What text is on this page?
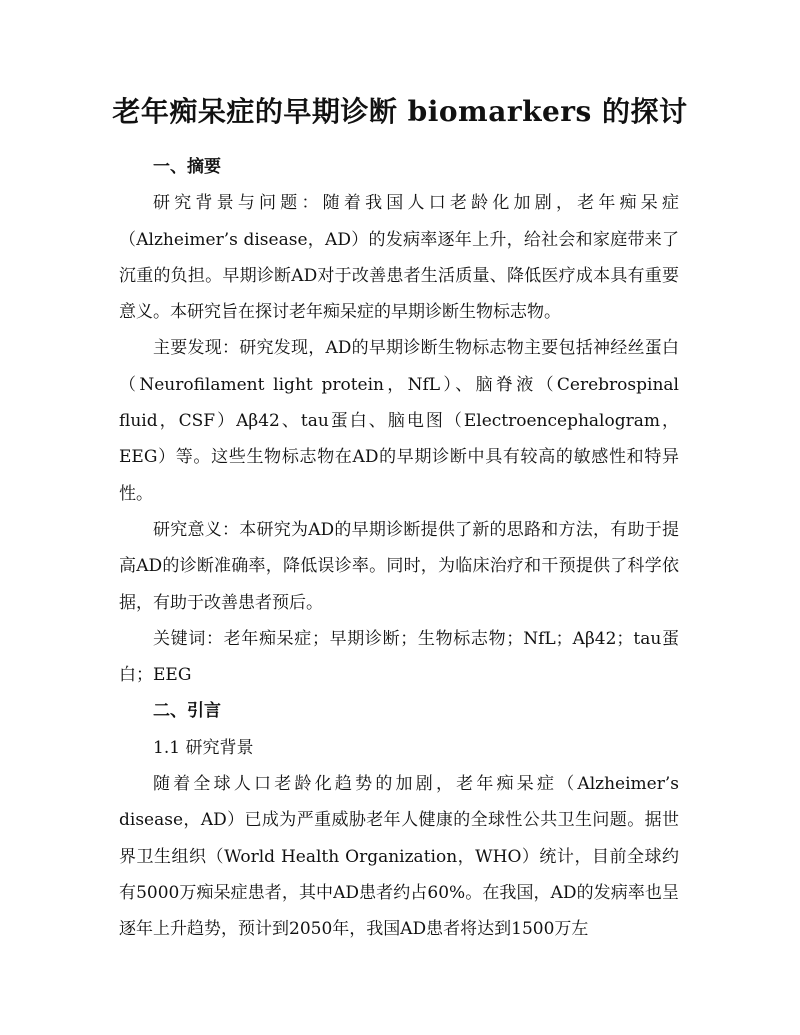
老年痴呆症的早期诊断 biomarkers 的探讨
一、摘要

研究背景与问题：随着我国人口老龄化加剧，老年痴呆症（Alzheimer’s disease，AD）的发病率逐年上升，给社会和家庭带来了沉重的负担。早期诊断AD对于改善患者生活质量、降低医疗成本具有重要意义。本研究旨在探讨老年痴呆症的早期诊断生物标志物。

主要发现：研究发现，AD的早期诊断生物标志物主要包括神经丝蛋白（Neurofilament light protein，NfL）、脑脊液（Cerebrospinal fluid，CSF）Aβ42、tau蛋白、脑电图（Electroencephalogram，EEG）等。这些生物标志物在AD的早期诊断中具有较高的敏感性和特异性。

研究意义：本研究为AD的早期诊断提供了新的思路和方法，有助于提高AD的诊断准确率，降低误诊率。同时，为临床治疗和干预提供了科学依据，有助于改善患者预后。

关键词：老年痴呆症；早期诊断；生物标志物；NfL；Aβ42；tau蛋白；EEG

二、引言
1.1 研究背景

随着全球人口老龄化趋势的加剧，老年痴呆症（Alzheimer’s disease，AD）已成为严重威胁老年人健康的全球性公共卫生问题。据世界卫生组织（World Health Organization，WHO）统计，目前全球约有5000万痴呆症患者，其中AD患者约占60%。在我国，AD的发病率也呈逐年上升趋势，预计到2050年，我国AD患者将达到1500万左
